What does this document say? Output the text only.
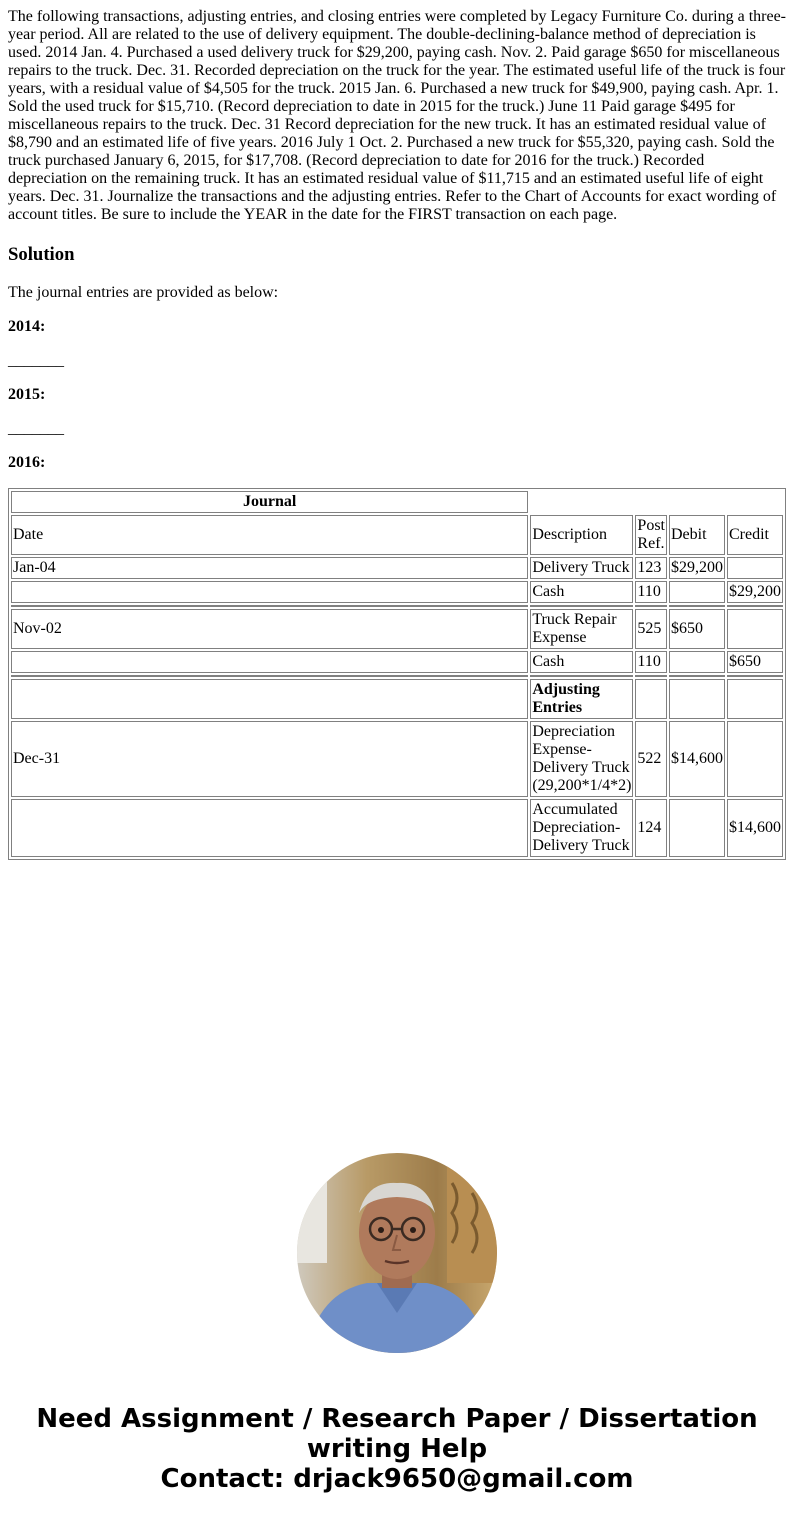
The following transactions, adjusting entries, and closing entries were completed by Legacy Furniture Co. during a three-year period. All are related to the use of delivery equipment. The double-declining-balance method of depreciation is used. 2014 Jan. 4. Purchased a used delivery truck for $29,200, paying cash. Nov. 2. Paid garage $650 for miscellaneous repairs to the truck. Dec. 31. Recorded depreciation on the truck for the year. The estimated useful life of the truck is four years, with a residual value of $4,505 for the truck. 2015 Jan. 6. Purchased a new truck for $49,900, paying cash. Apr. 1. Sold the used truck for $15,710. (Record depreciation to date in 2015 for the truck.) June 11 Paid garage $495 for miscellaneous repairs to the truck. Dec. 31 Record depreciation for the new truck. It has an estimated residual value of $8,790 and an estimated life of five years. 2016 July 1 Oct. 2. Purchased a new truck for $55,320, paying cash. Sold the truck purchased January 6, 2015, for $17,708. (Record depreciation to date for 2016 for the truck.) Recorded depreciation on the remaining truck. It has an estimated residual value of $11,715 and an estimated useful life of eight years. Dec. 31. Journalize the transactions and the adjusting entries. Refer to the Chart of Accounts for exact wording of account titles. Be sure to include the YEAR in the date for the FIRST transaction on each page.

Solution

The journal entries are provided as below:

2014:

_______

2015:

_______

2016:

Journal				
Date	Description	Post Ref.	Debit	Credit
Jan-04	Delivery Truck	123	$29,200	
	Cash	110		$29,200

Nov-02	Truck Repair Expense	525	$650	
	Cash	110		$650

	Adjusting Entries			
Dec-31	Depreciation Expense-Delivery Truck (29,200*1/4*2)	522	$14,600	
	Accumulated Depreciation-Delivery Truck	124		$14,600
Need Assignment / Research Paper / Dissertation
writing Help
Contact: drjack9650@gmail.com
